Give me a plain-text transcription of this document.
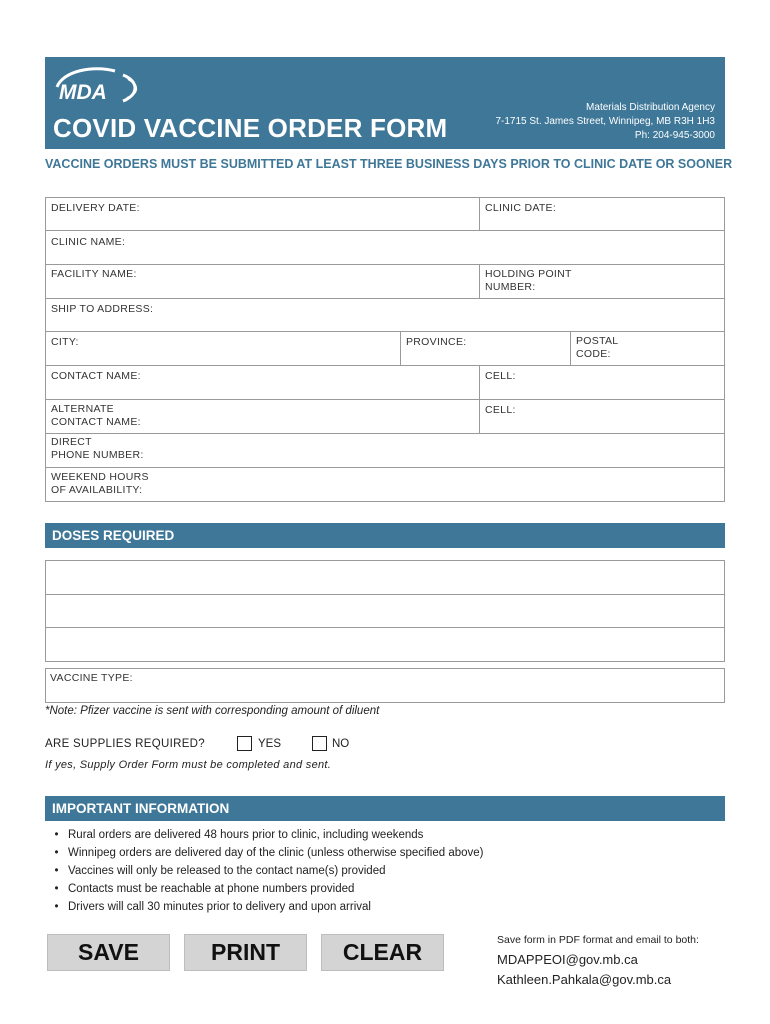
MDA
COVID VACCINE ORDER FORM
Materials Distribution Agency
7-1715 St. James Street, Winnipeg, MB R3H 1H3
Ph: 204-945-3000
VACCINE ORDERS MUST BE SUBMITTED AT LEAST THREE BUSINESS DAYS PRIOR TO CLINIC DATE OR SOONER
DELIVERY DATE:	CLINIC DATE:
CLINIC NAME:
FACILITY NAME:	HOLDING POINT
NUMBER:
SHIP TO ADDRESS:
CITY:	PROVINCE:	POSTAL
CODE:
CONTACT NAME:	CELL:
ALTERNATE
CONTACT NAME:
CELL:
DIRECT
PHONE NUMBER:
WEEKEND HOURS
OF AVAILABILITY:
DOSES REQUIRED
VACCINE TYPE:
*Note: Pfizer vaccine is sent with corresponding amount of diluent
ARE SUPPLIES REQUIRED?	YES	NO
If yes, Supply Order Form must be completed and sent.
IMPORTANT INFORMATION
• Rural orders are delivered 48 hours prior to clinic, including weekends
• Winnipeg orders are delivered day of the clinic (unless otherwise specified above)
• Vaccines will only be released to the contact name(s) provided
• Contacts must be reachable at phone numbers provided
• Drivers will call 30 minutes prior to delivery and upon arrival
SAVE	PRINT	CLEAR	Save form in PDF format and email to both:
MDAPPEOI@gov.mb.ca
Kathleen.Pahkala@gov.mb.ca
